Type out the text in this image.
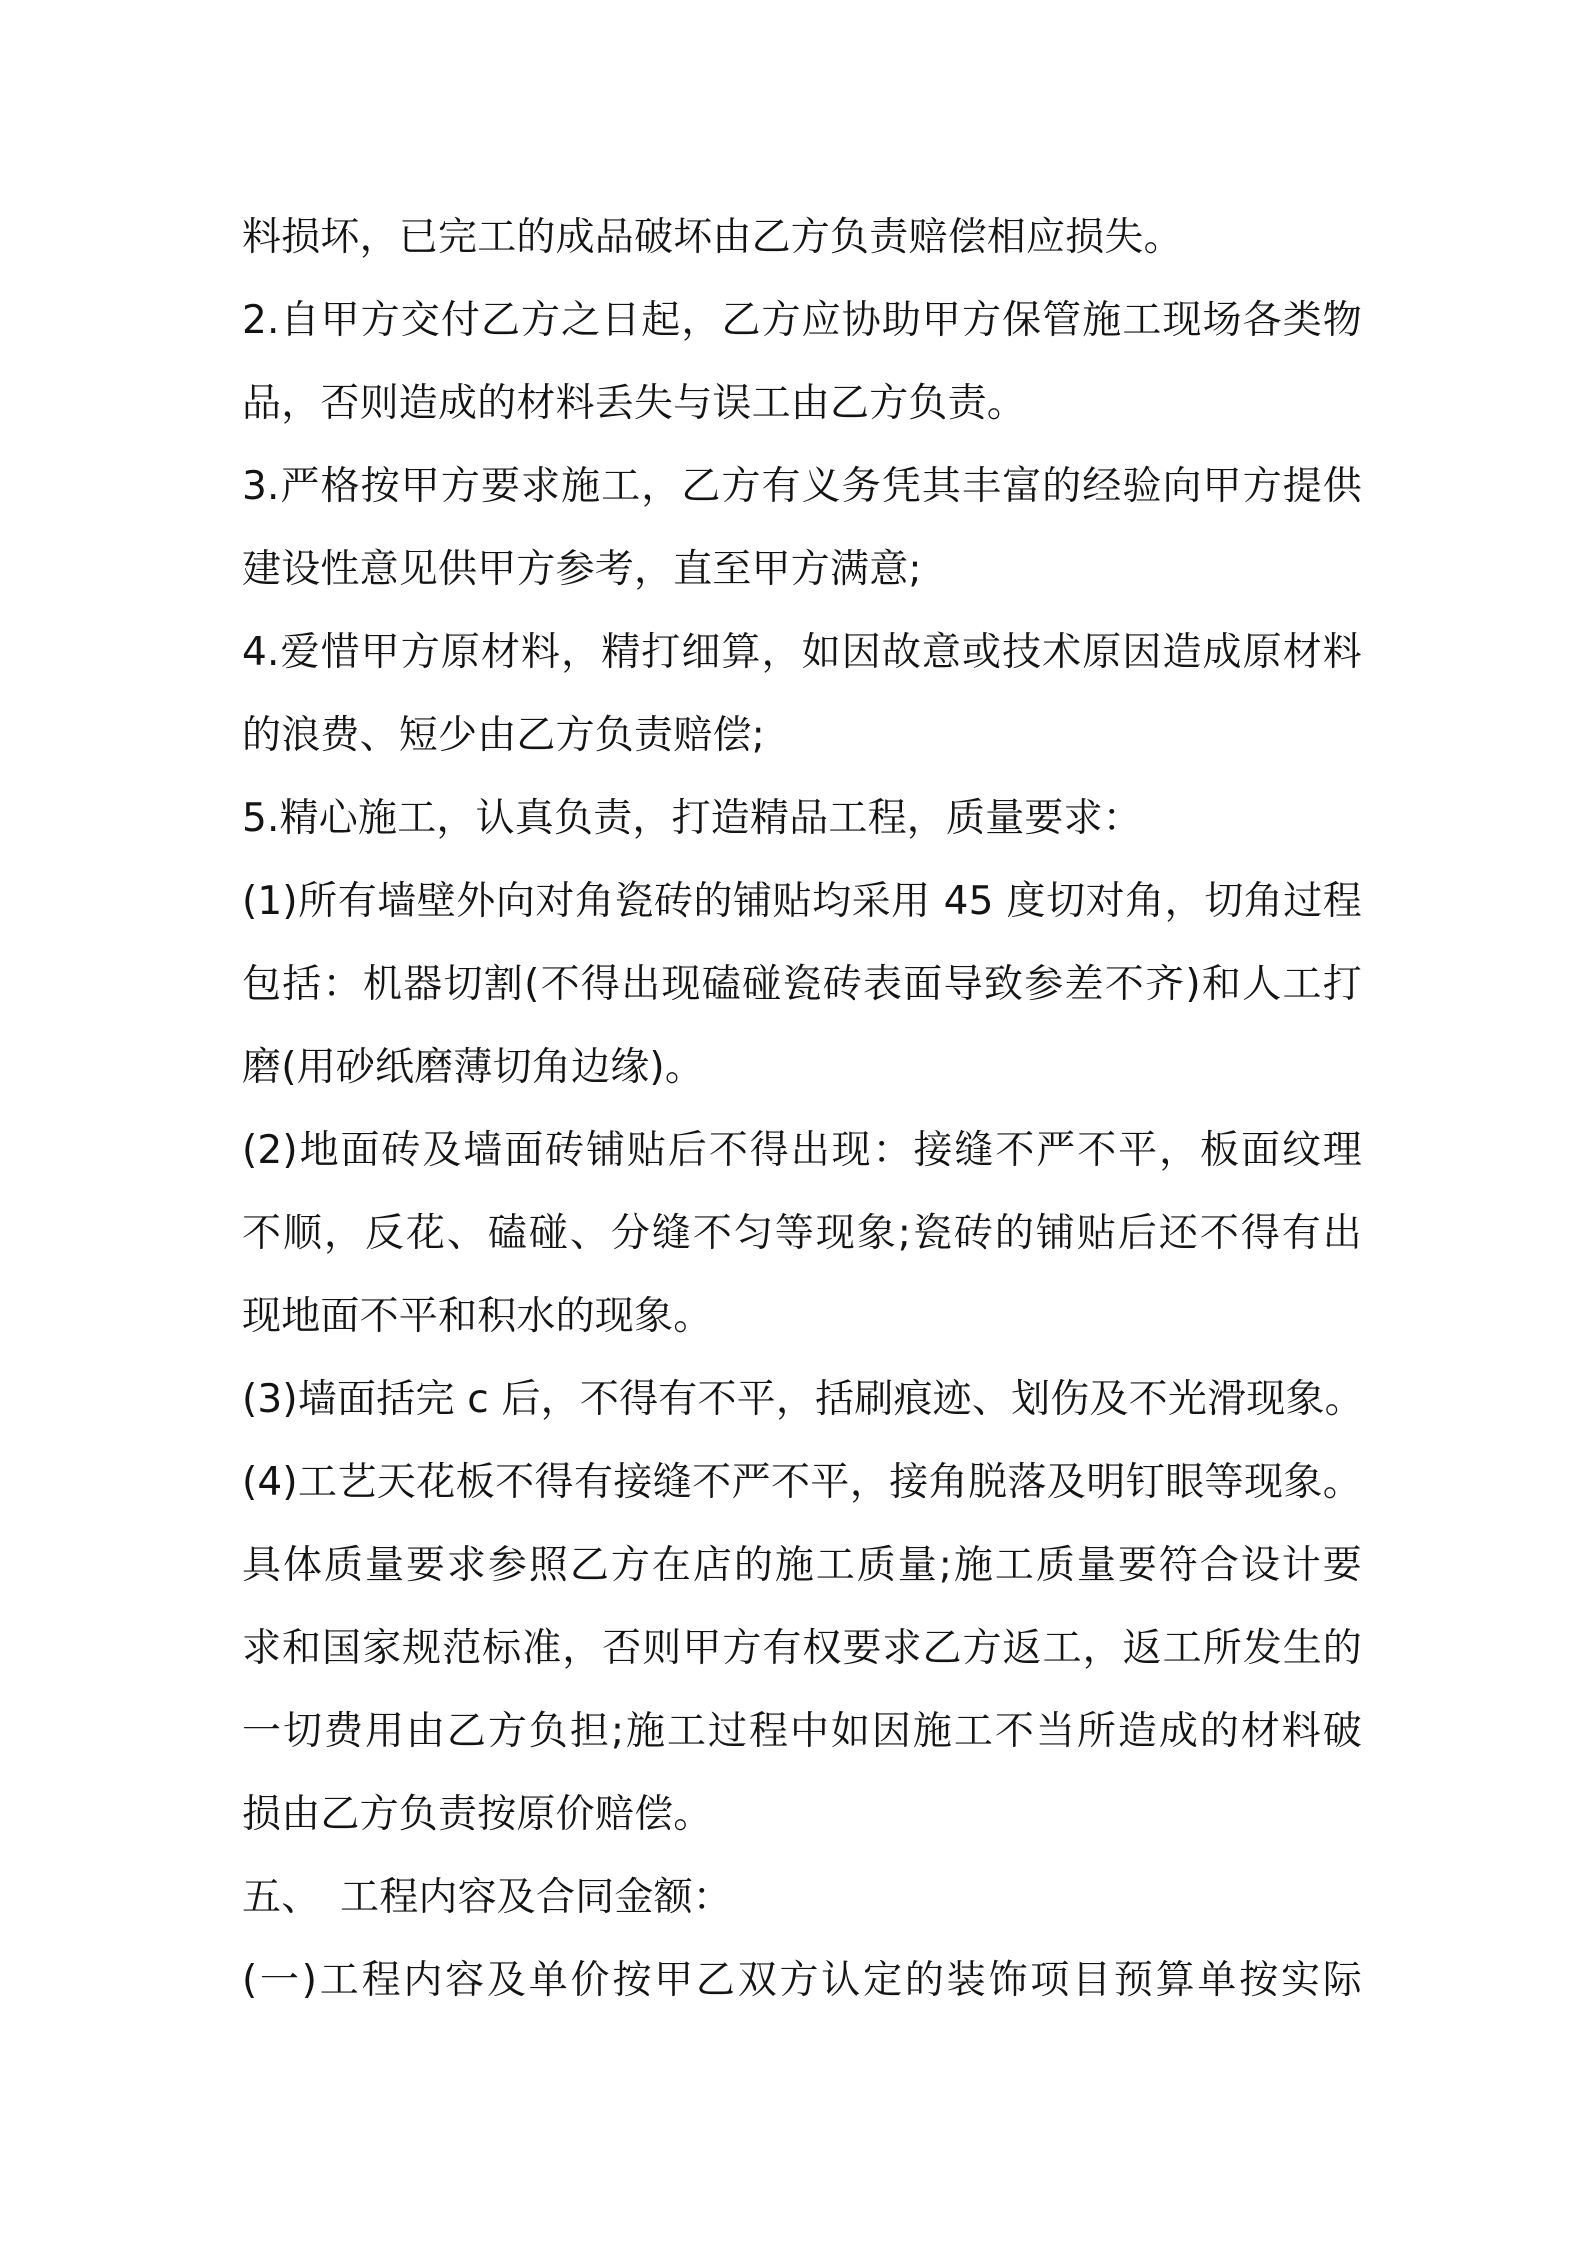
料损坏，已完工的成品破坏由乙方负责赔偿相应损失。
2.自甲方交付乙方之日起，乙方应协助甲方保管施工现场各类物
品，否则造成的材料丢失与误工由乙方负责。
3.严格按甲方要求施工，乙方有义务凭其丰富的经验向甲方提供
建设性意见供甲方参考，直至甲方满意;
4.爱惜甲方原材料，精打细算，如因故意或技术原因造成原材料
的浪费、短少由乙方负责赔偿;
5.精心施工，认真负责，打造精品工程，质量要求：
(1)所有墙壁外向对角瓷砖的铺贴均采用 45 度切对角，切角过程
包括：机器切割(不得出现磕碰瓷砖表面导致参差不齐)和人工打
磨(用砂纸磨薄切角边缘)。
(2)地面砖及墙面砖铺贴后不得出现：接缝不严不平，板面纹理
不顺，反花、磕碰、分缝不匀等现象;瓷砖的铺贴后还不得有出
现地面不平和积水的现象。
(3)墙面括完 c 后，不得有不平，括刷痕迹、划伤及不光滑现象。
(4)工艺天花板不得有接缝不严不平，接角脱落及明钉眼等现象。
具体质量要求参照乙方在店的施工质量;施工质量要符合设计要
求和国家规范标准，否则甲方有权要求乙方返工，返工所发生的
一切费用由乙方负担;施工过程中如因施工不当所造成的材料破
损由乙方负责按原价赔偿。
五、 工程内容及合同金额：
(一)工程内容及单价按甲乙双方认定的装饰项目预算单按实际
